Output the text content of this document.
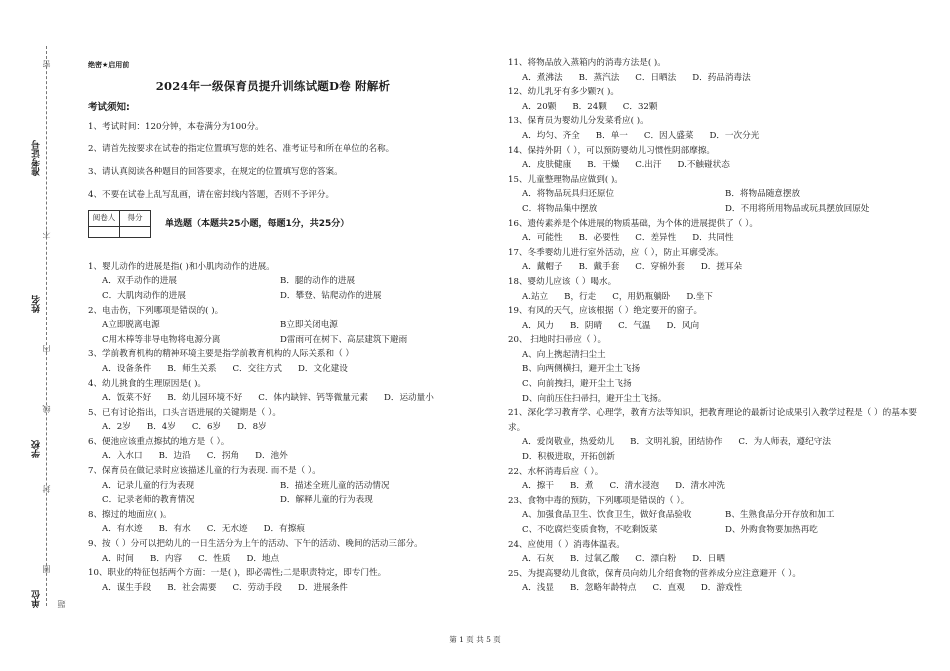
准考证号
姓名
学校
单位
密
不
内
线
封
圈
题
绝密★启用前
2024年一级保育员提升训练试题D卷 附解析
考试须知:

1、考试时间：120分钟，本卷满分为100分。

2、请首先按要求在试卷的指定位置填写您的姓名、准考证号和所在单位的名称。

3、请认真阅读各种题目的回答要求，在规定的位置填写您的答案。

4、不要在试卷上乱写乱画，请在密封线内答题，否则不予评分。

阅卷人	得分

单选题（本题共25小题，每题1分，共25分）
1、婴儿动作的进展是指( )和小肌肉动作的进展。
A．双手动作的进展	B．腿的动作的进展
C．大肌肉动作的进展	D．攀登、钻爬动作的进展
2、电击伤，下列哪项是错误的( )。
A立即脱离电源	B立即关闭电源
C用木棒等非导电物将电源分离	D雷雨可在树下、高层建筑下避雨
3、学前教育机构的精神环境主要是指学前教育机构的人际关系和（ ）
A．设备条件 B．师生关系 C．交往方式 D．文化建设
4、幼儿挑食的生理原因是( )。
A．饭菜不好 B．幼儿园环境不好 C．体内缺锌、钙等微量元素 D．运动量小
5、已有讨论指出，口头言语进展的关键期是（ ）。
A．2岁 B．4岁 C．6岁 D．8岁
6、便池应该重点擦拭的地方是（ ）。
A．入水口 B．边沿 C．拐角 D．池外
7、保育员在做记录时应该描述儿童的行为表现. 而不是（ ）。
A．记录儿童的行为表现	B．描述全班儿童的活动情况
C．记录老师的教育情况	D．解释儿童的行为表现
8、擦过的地面应( )。
A．有水迹 B．有水 C．无水迹 D．有擦痕
9、按（ ）分可以把幼儿的一日生活分为上午的活动、下午的活动、晚间的活动三部分。
A．时间 B．内容 C．性质 D．地点
10、职业的特征包括两个方面：一是( )，即必需性;二是职责特定，即专门性。
A．谋生手段 B．社会需要 C．劳动手段 D．进展条件
11、将物品放入蒸箱内的消毒方法是( )。
A．煮沸法 B．蒸汽法 C．日晒法 D．药品消毒法
12、幼儿乳牙有多少颗?( )。
A．20颗 B．24颗 C．32颗
13、保育员为婴幼儿分发菜肴应( )。
A．均匀、齐全 B．单一 C．因人盛菜 D．一次分光
14、保持外阴（ ），可以预防婴幼儿习惯性阴部摩擦。
A．皮肤健康 B．干燥 C.出汗 D.不触碰状态
15、儿童整理物品应做到( )。
A．将物品玩具归还原位	B．将物品随意摆放
C．将物品集中摆放	D．不用将所用物品或玩具摆放回原处
16、遗传素养是个体进展的物质基础，为个体的进展提供了（ ）。
A．可能性 B．必要性 C．差异性 D．共同性
17、冬季婴幼儿进行室外活动，应（ ），防止耳廓受冻。
A．戴帽子 B．戴手套 C．穿棉外套 D．搓耳朵
18、婴幼儿应该（ ）喝水。
A.站立 B，行走 C，用奶瓶躺卧 D.坐下
19、有风的天气，应该根据（ ）绝定要开的窗子。
A．风力 B．阴晴 C．气温 D．风向
20、 扫地时扫帚应（ ）。
A、向上携起清扫尘土
B、向两侧横扫，避开尘土飞扬
C、向前拽扫，避开尘土飞扬
D、向前压住扫帚扫，避开尘土飞扬。
21、深化学习教育学、心理学，教育方法等知识，把教育理论的最新讨论成果引入教学过程是（ ）的基本要求。
A．爱岗敬业，热爱幼儿 B．文明礼貌，团结协作 C．为人师表，遵纪守法
D．积极进取，开拓创新
22、水杯消毒后应（ ）。
A．擦干 B．煮 C．清水浸泡 D．清水冲洗
23、食物中毒的预防，下列哪项是错误的（ ）。
A、加强食品卫生、饮食卫生，做好食品验收	B、生熟食品分开存放和加工
C、不吃腐烂变质食物，不吃剩饭菜	D、外购食物要加热再吃
24、应使用（ ）消毒体温表。
A．石灰 B．过氧乙酸 C．漂白粉 D．日晒
25、为提高婴幼儿食欲，保育员向幼儿介绍食物的营养成分应注意避开（ ）。
A．浅显 B．忽略年龄特点 C．直观 D．游戏性
第 1 页 共 5 页
